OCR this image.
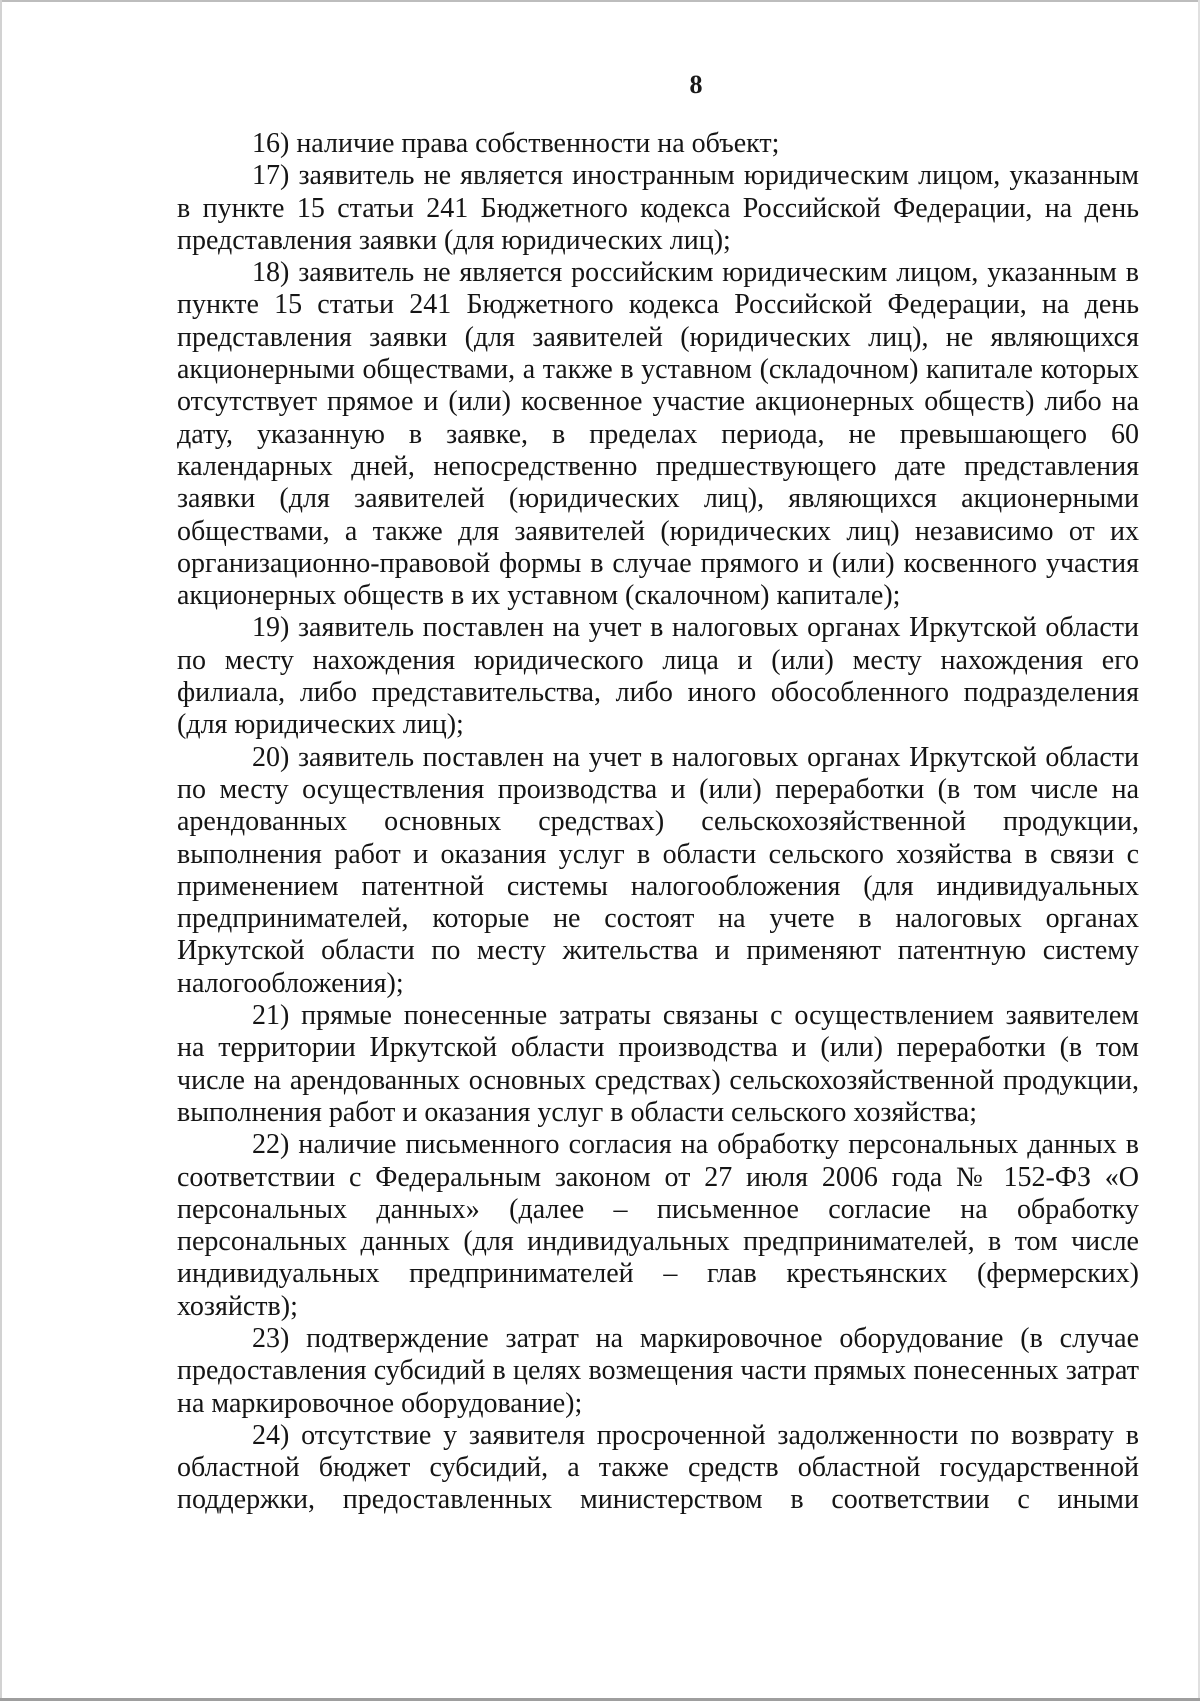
8

16) наличие права собственности на объект;

17) заявитель не является иностранным юридическим лицом, указанным в пункте 15 статьи 241 Бюджетного кодекса Российской Федерации, на день представления заявки (для юридических лиц);

18) заявитель не является российским юридическим лицом, указанным в пункте 15 статьи 241 Бюджетного кодекса Российской Федерации, на день представления заявки (для заявителей (юридических лиц), не являющихся акционерными обществами, а также в уставном (складочном) капитале которых отсутствует прямое и (или) косвенное участие акционерных обществ) либо на дату, указанную в заявке, в пределах периода, не превышающего 60 календарных дней, непосредственно предшествующего дате представления заявки (для заявителей (юридических лиц), являющихся акционерными обществами, а также для заявителей (юридических лиц) независимо от их организационно-правовой формы в случае прямого и (или) косвенного участия акционерных обществ в их уставном (скалочном) капитале);

19) заявитель поставлен на учет в налоговых органах Иркутской области по месту нахождения юридического лица и (или) месту нахождения его филиала, либо представительства, либо иного обособленного подразделения (для юридических лиц);

20) заявитель поставлен на учет в налоговых органах Иркутской области по месту осуществления производства и (или) переработки (в том числе на арендованных основных средствах) сельскохозяйственной продукции, выполнения работ и оказания услуг в области сельского хозяйства в связи с применением патентной системы налогообложения (для индивидуальных предпринимателей, которые не состоят на учете в налоговых органах Иркутской области по месту жительства и применяют патентную систему налогообложения);

21) прямые понесенные затраты связаны с осуществлением заявителем на территории Иркутской области производства и (или) переработки (в том числе на арендованных основных средствах) сельскохозяйственной продукции, выполнения работ и оказания услуг в области сельского хозяйства;

22) наличие письменного согласия на обработку персональных данных в соответствии с Федеральным законом от 27 июля 2006 года № 152-ФЗ «О персональных данных» (далее – письменное согласие на обработку персональных данных (для индивидуальных предпринимателей, в том числе индивидуальных предпринимателей – глав крестьянских (фермерских) хозяйств);

23) подтверждение затрат на маркировочное оборудование (в случае предоставления субсидий в целях возмещения части прямых понесенных затрат на маркировочное оборудование);

24) отсутствие у заявителя просроченной задолженности по возврату в областной бюджет субсидий, а также средств областной государственной поддержки, предоставленных министерством в соответствии с иными
